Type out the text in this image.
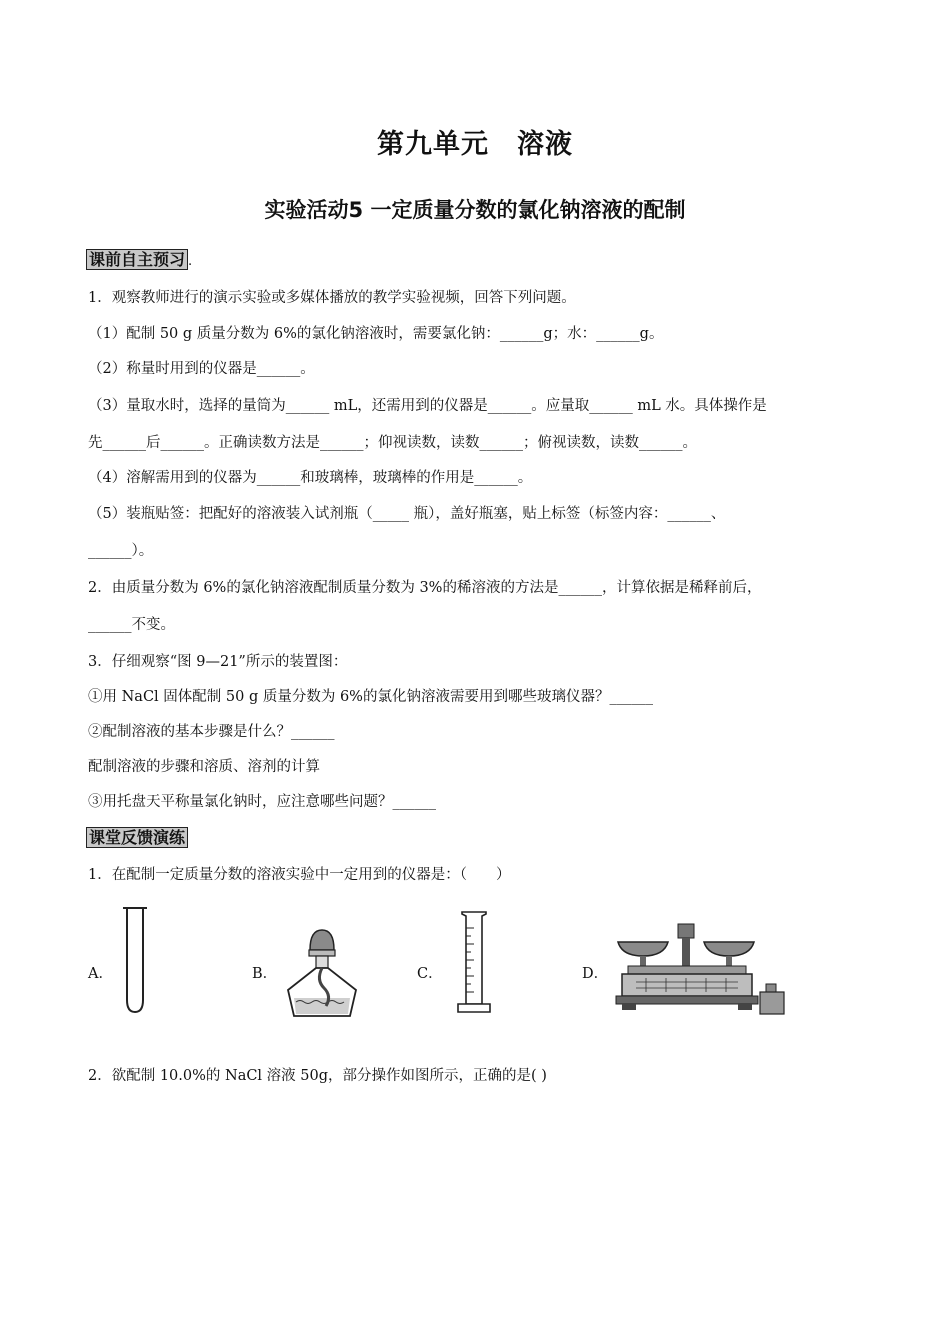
第九单元　溶液
实验活动5 一定质量分数的氯化钠溶液的配制
课前自主预习 .
1．观察教师进行的演示实验或多媒体播放的教学实验视频，回答下列问题。
（1）配制 50 g 质量分数为 6%的氯化钠溶液时，需要氯化钠：______g；水：______g。
（2）称量时用到的仪器是______。
（3）量取水时，选择的量筒为______ mL，还需用到的仪器是______。应量取______ mL 水。具体操作是
先______后______。正确读数方法是______；仰视读数，读数______；俯视读数，读数______。
（4）溶解需用到的仪器为______和玻璃棒，玻璃棒的作用是______。
（5）装瓶贴签：把配好的溶液装入试剂瓶（_____ 瓶），盖好瓶塞，贴上标签（标签内容：______、
______）。
2．由质量分数为 6%的氯化钠溶液配制质量分数为 3%的稀溶液的方法是______，计算依据是稀释前后，
______不变。
3．仔细观察“图 9—21”所示的装置图：
①用 NaCl 固体配制 50 g 质量分数为 6%的氯化钠溶液需要用到哪些玻璃仪器？______
②配制溶液的基本步骤是什么？______
配制溶液的步骤和溶质、溶剂的计算
③用托盘天平称量氯化钠时，应注意哪些问题？______
课堂反馈演练
1．在配制一定质量分数的溶液实验中一定用到的仪器是：（　　）
A．	B．	C．	D．
2．欲配制 10.0%的 NaCl 溶液 50g，部分操作如图所示，正确的是( )
